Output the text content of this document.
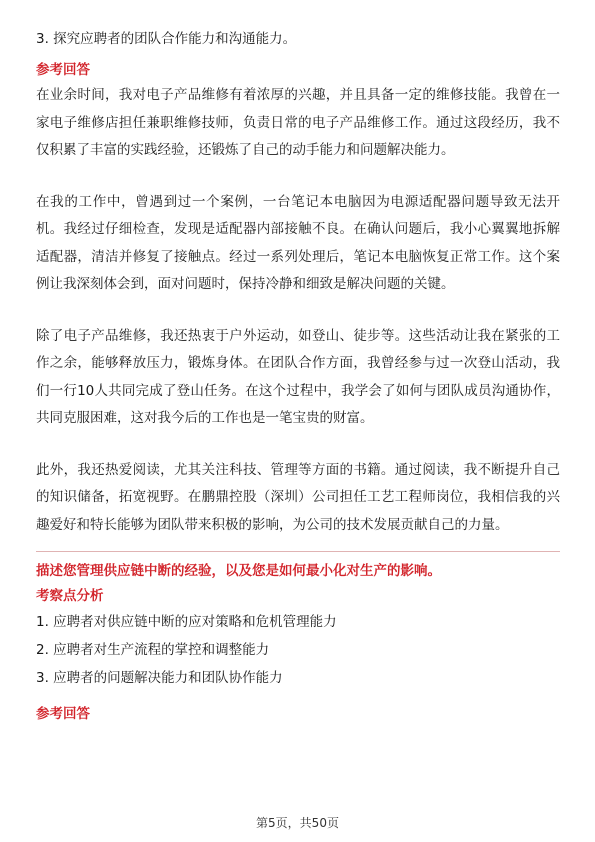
3. 探究应聘者的团队合作能力和沟通能力。

参考回答

在业余时间，我对电子产品维修有着浓厚的兴趣，并且具备一定的维修技能。我曾在一家电子维修店担任兼职维修技师，负责日常的电子产品维修工作。通过这段经历，我不仅积累了丰富的实践经验，还锻炼了自己的动手能力和问题解决能力。

在我的工作中，曾遇到过一个案例，一台笔记本电脑因为电源适配器问题导致无法开机。我经过仔细检查，发现是适配器内部接触不良。在确认问题后，我小心翼翼地拆解适配器，清洁并修复了接触点。经过一系列处理后，笔记本电脑恢复正常工作。这个案例让我深刻体会到，面对问题时，保持冷静和细致是解决问题的关键。

除了电子产品维修，我还热衷于户外运动，如登山、徒步等。这些活动让我在紧张的工作之余，能够释放压力，锻炼身体。在团队合作方面，我曾经参与过一次登山活动，我们一行10人共同完成了登山任务。在这个过程中，我学会了如何与团队成员沟通协作，共同克服困难，这对我今后的工作也是一笔宝贵的财富。

此外，我还热爱阅读，尤其关注科技、管理等方面的书籍。通过阅读，我不断提升自己的知识储备，拓宽视野。在鹏鼎控股（深圳）公司担任工艺工程师岗位，我相信我的兴趣爱好和特长能够为团队带来积极的影响，为公司的技术发展贡献自己的力量。

描述您管理供应链中断的经验，以及您是如何最小化对生产的影响。

考察点分析

1. 应聘者对供应链中断的应对策略和危机管理能力

2. 应聘者对生产流程的掌控和调整能力

3. 应聘者的问题解决能力和团队协作能力

参考回答

第5页，共50页
